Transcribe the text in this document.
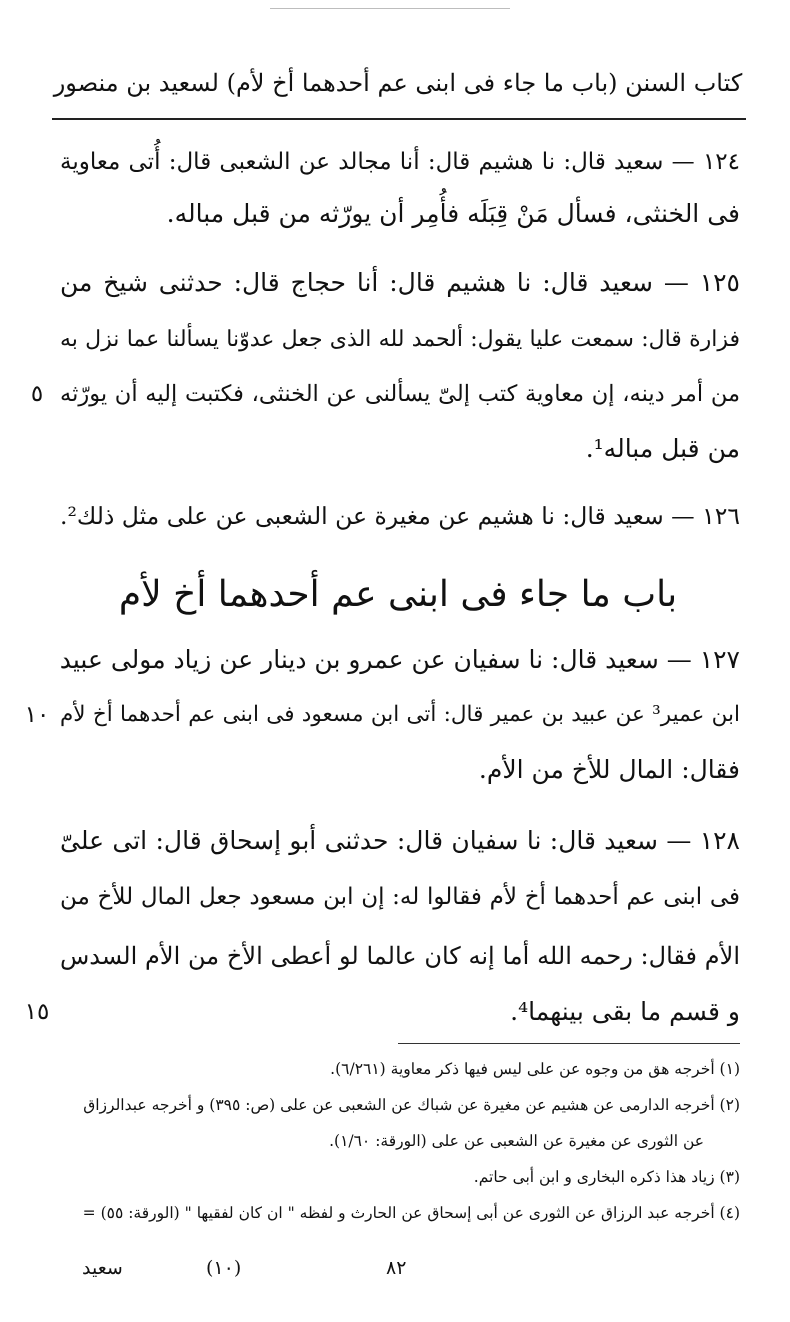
كتاب السنن (باب ما جاء فى ابنى عم أحدهما أخ لأم) لسعيد بن منصور
١٢٤ — سعيد قال: نا هشيم قال: أنا مجالد عن الشعبى قال: أُتى معاوية
فى الخنثى، فسأل مَنْ قِبَلَه فأُمِر أن يورّثه من قبل مباله.
١٢٥ — سعيد قال: نا هشيم قال: أنا حجاج قال: حدثنى شيخ من
فزارة قال: سمعت عليا يقول: ألحمد لله الذى جعل عدوّنا يسألنا عما نزل به
من أمر دينه، إن معاوية كتب إلىّ يسألنى عن الخنثى، فكتبت إليه أن يورّثه
٥
من قبل مباله¹.
١٢٦ — سعيد قال: نا هشيم عن مغيرة عن الشعبى عن على مثل ذلك².
باب ما جاء فى ابنى عم أحدهما أخ لأم
١٢٧ — سعيد قال: نا سفيان عن عمرو بن دينار عن زياد مولى عبيد
ابن عمير³ عن عبيد بن عمير قال: أتى ابن مسعود فى ابنى عم أحدهما أخ لأم
١٠
فقال: المال للأخ من الأم.
١٢٨ — سعيد قال: نا سفيان قال: حدثنى أبو إسحاق قال: اتى علىّ
فى ابنى عم أحدهما أخ لأم فقالوا له: إن ابن مسعود جعل المال للأخ من
الأم فقال: رحمه الله أما إنه كان عالما لو أعطى الأخ من الأم السدس
و قسم ما بقى بينهما⁴.
١٥
(١) أخرجه هق من وجوه عن على ليس فيها ذكر معاوية (٦/٢٦١).
(٢) أخرجه الدارمى عن هشيم عن مغيرة عن شباك عن الشعبى عن على (ص: ٣٩٥) و أخرجه عبدالرزاق
عن الثورى عن مغيرة عن الشعبى عن على (الورقة: ١/٦٠).
(٣) زياد هذا ذكره البخارى و ابن أبى حاتم.
(٤) أخرجه عبد الرزاق عن الثورى عن أبى إسحاق عن الحارث و لفظه " ان كان لفقيها " (الورقة: ٥٥) =
سعيد	(١٠)	٨٢
